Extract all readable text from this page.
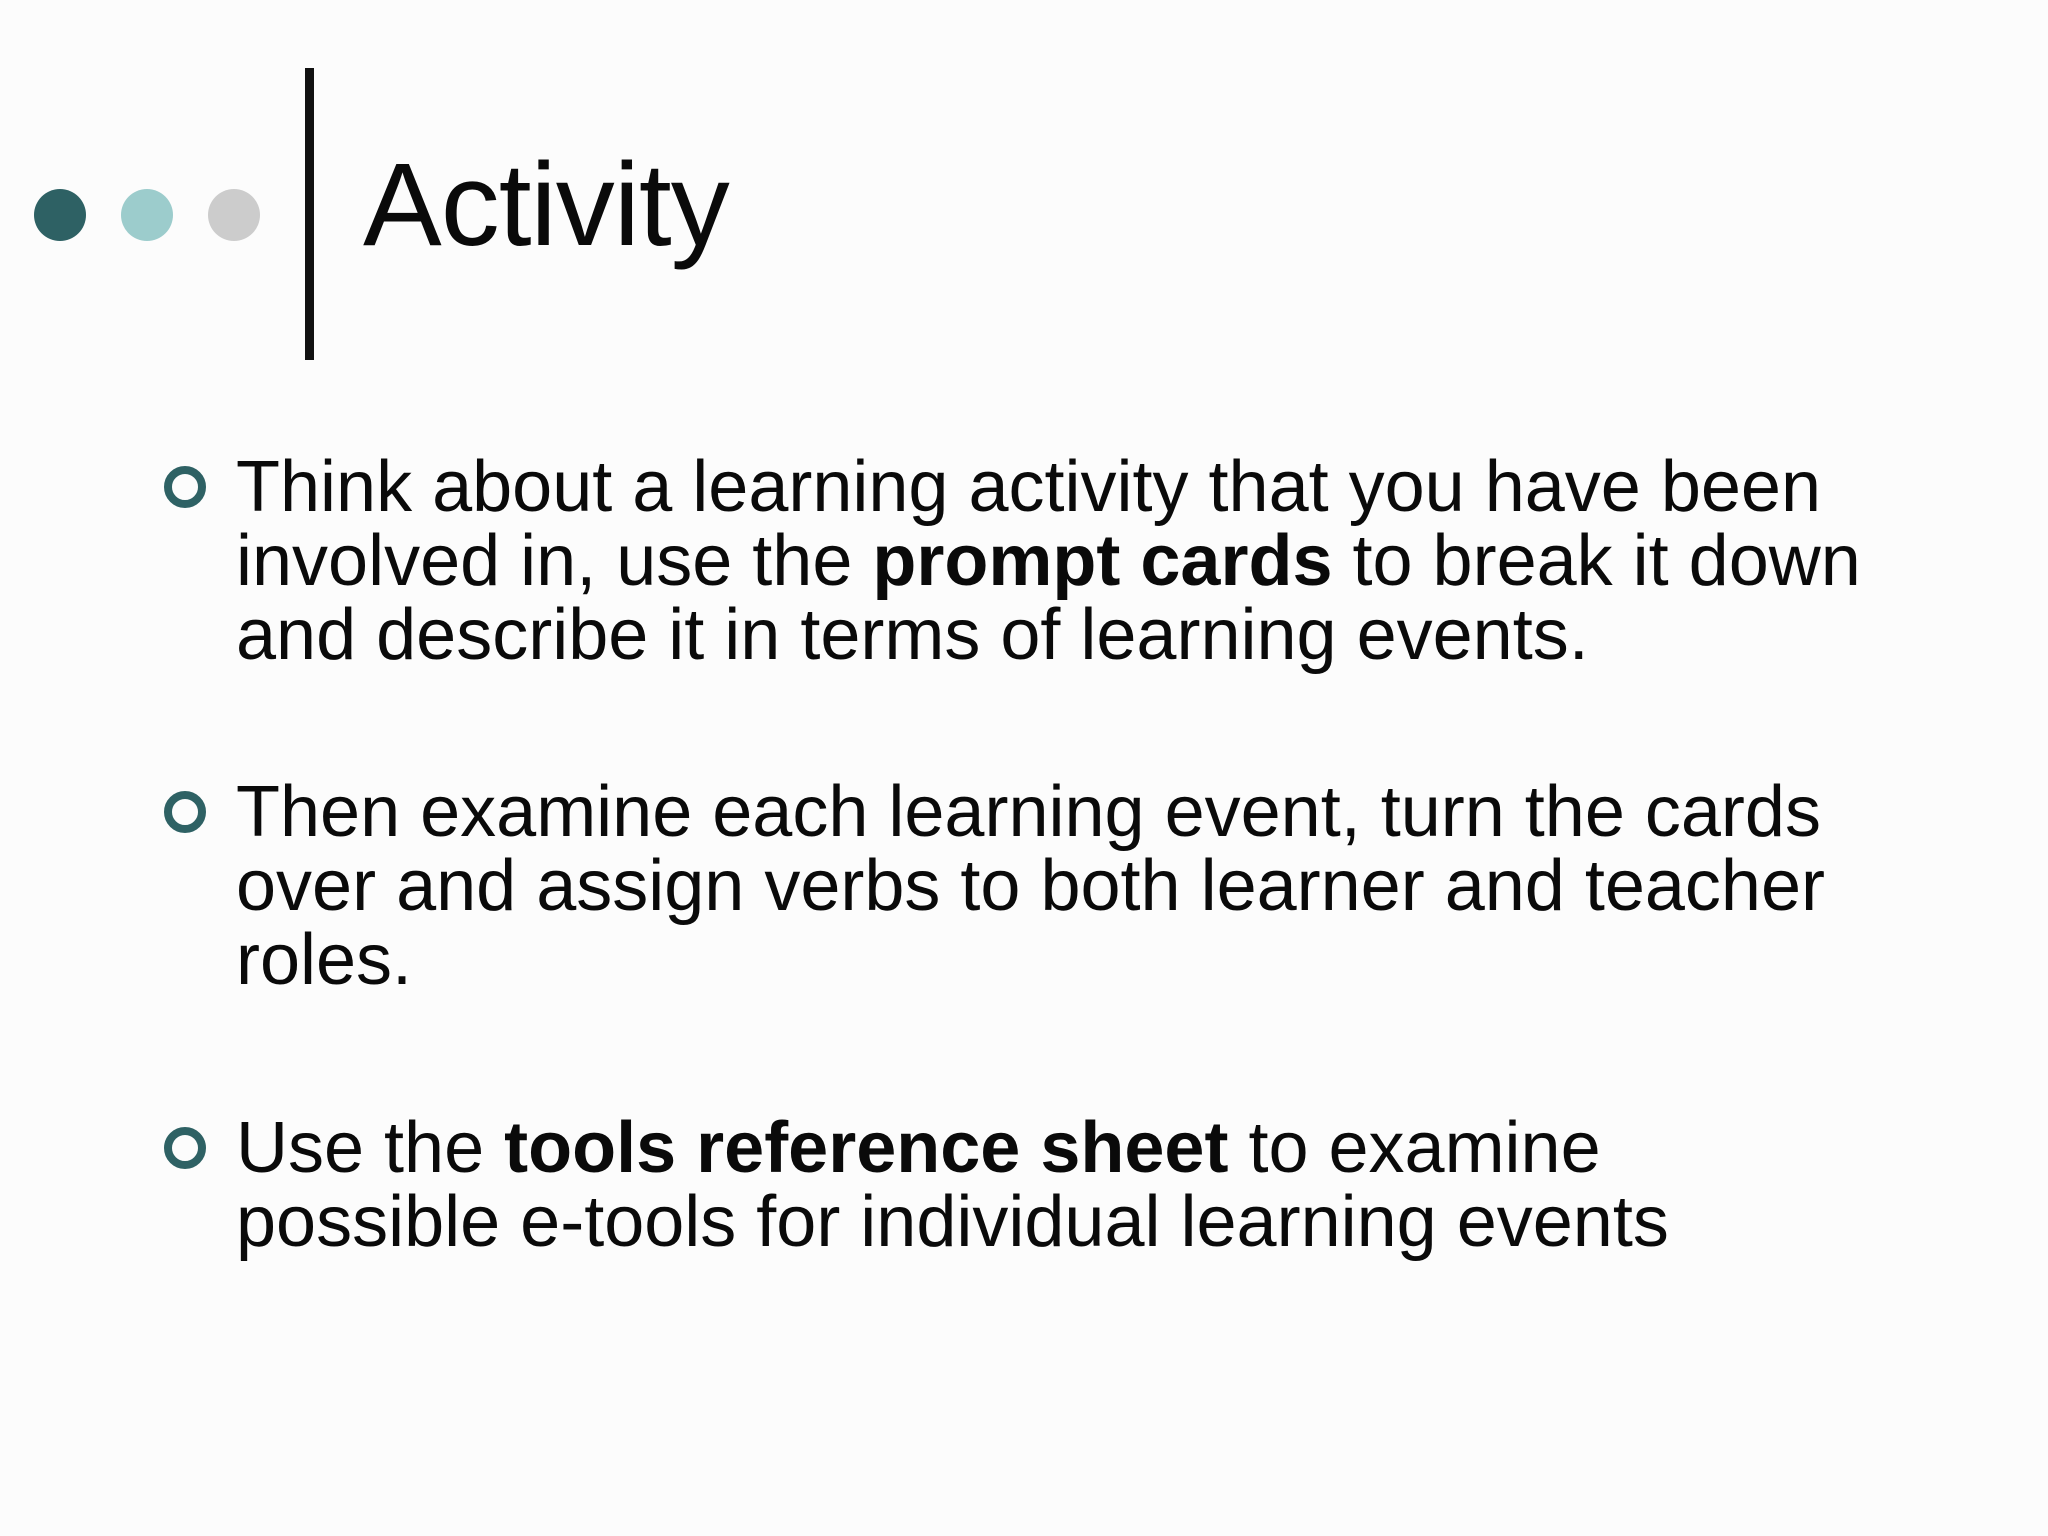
Activity
Think about a learning activity that you have been
involved in, use the prompt cards to break it down
and describe it in terms of learning events.
Then examine each learning event, turn the cards
over and assign verbs to both learner and teacher
roles.
Use the tools reference sheet to examine
possible e-tools for individual learning events
